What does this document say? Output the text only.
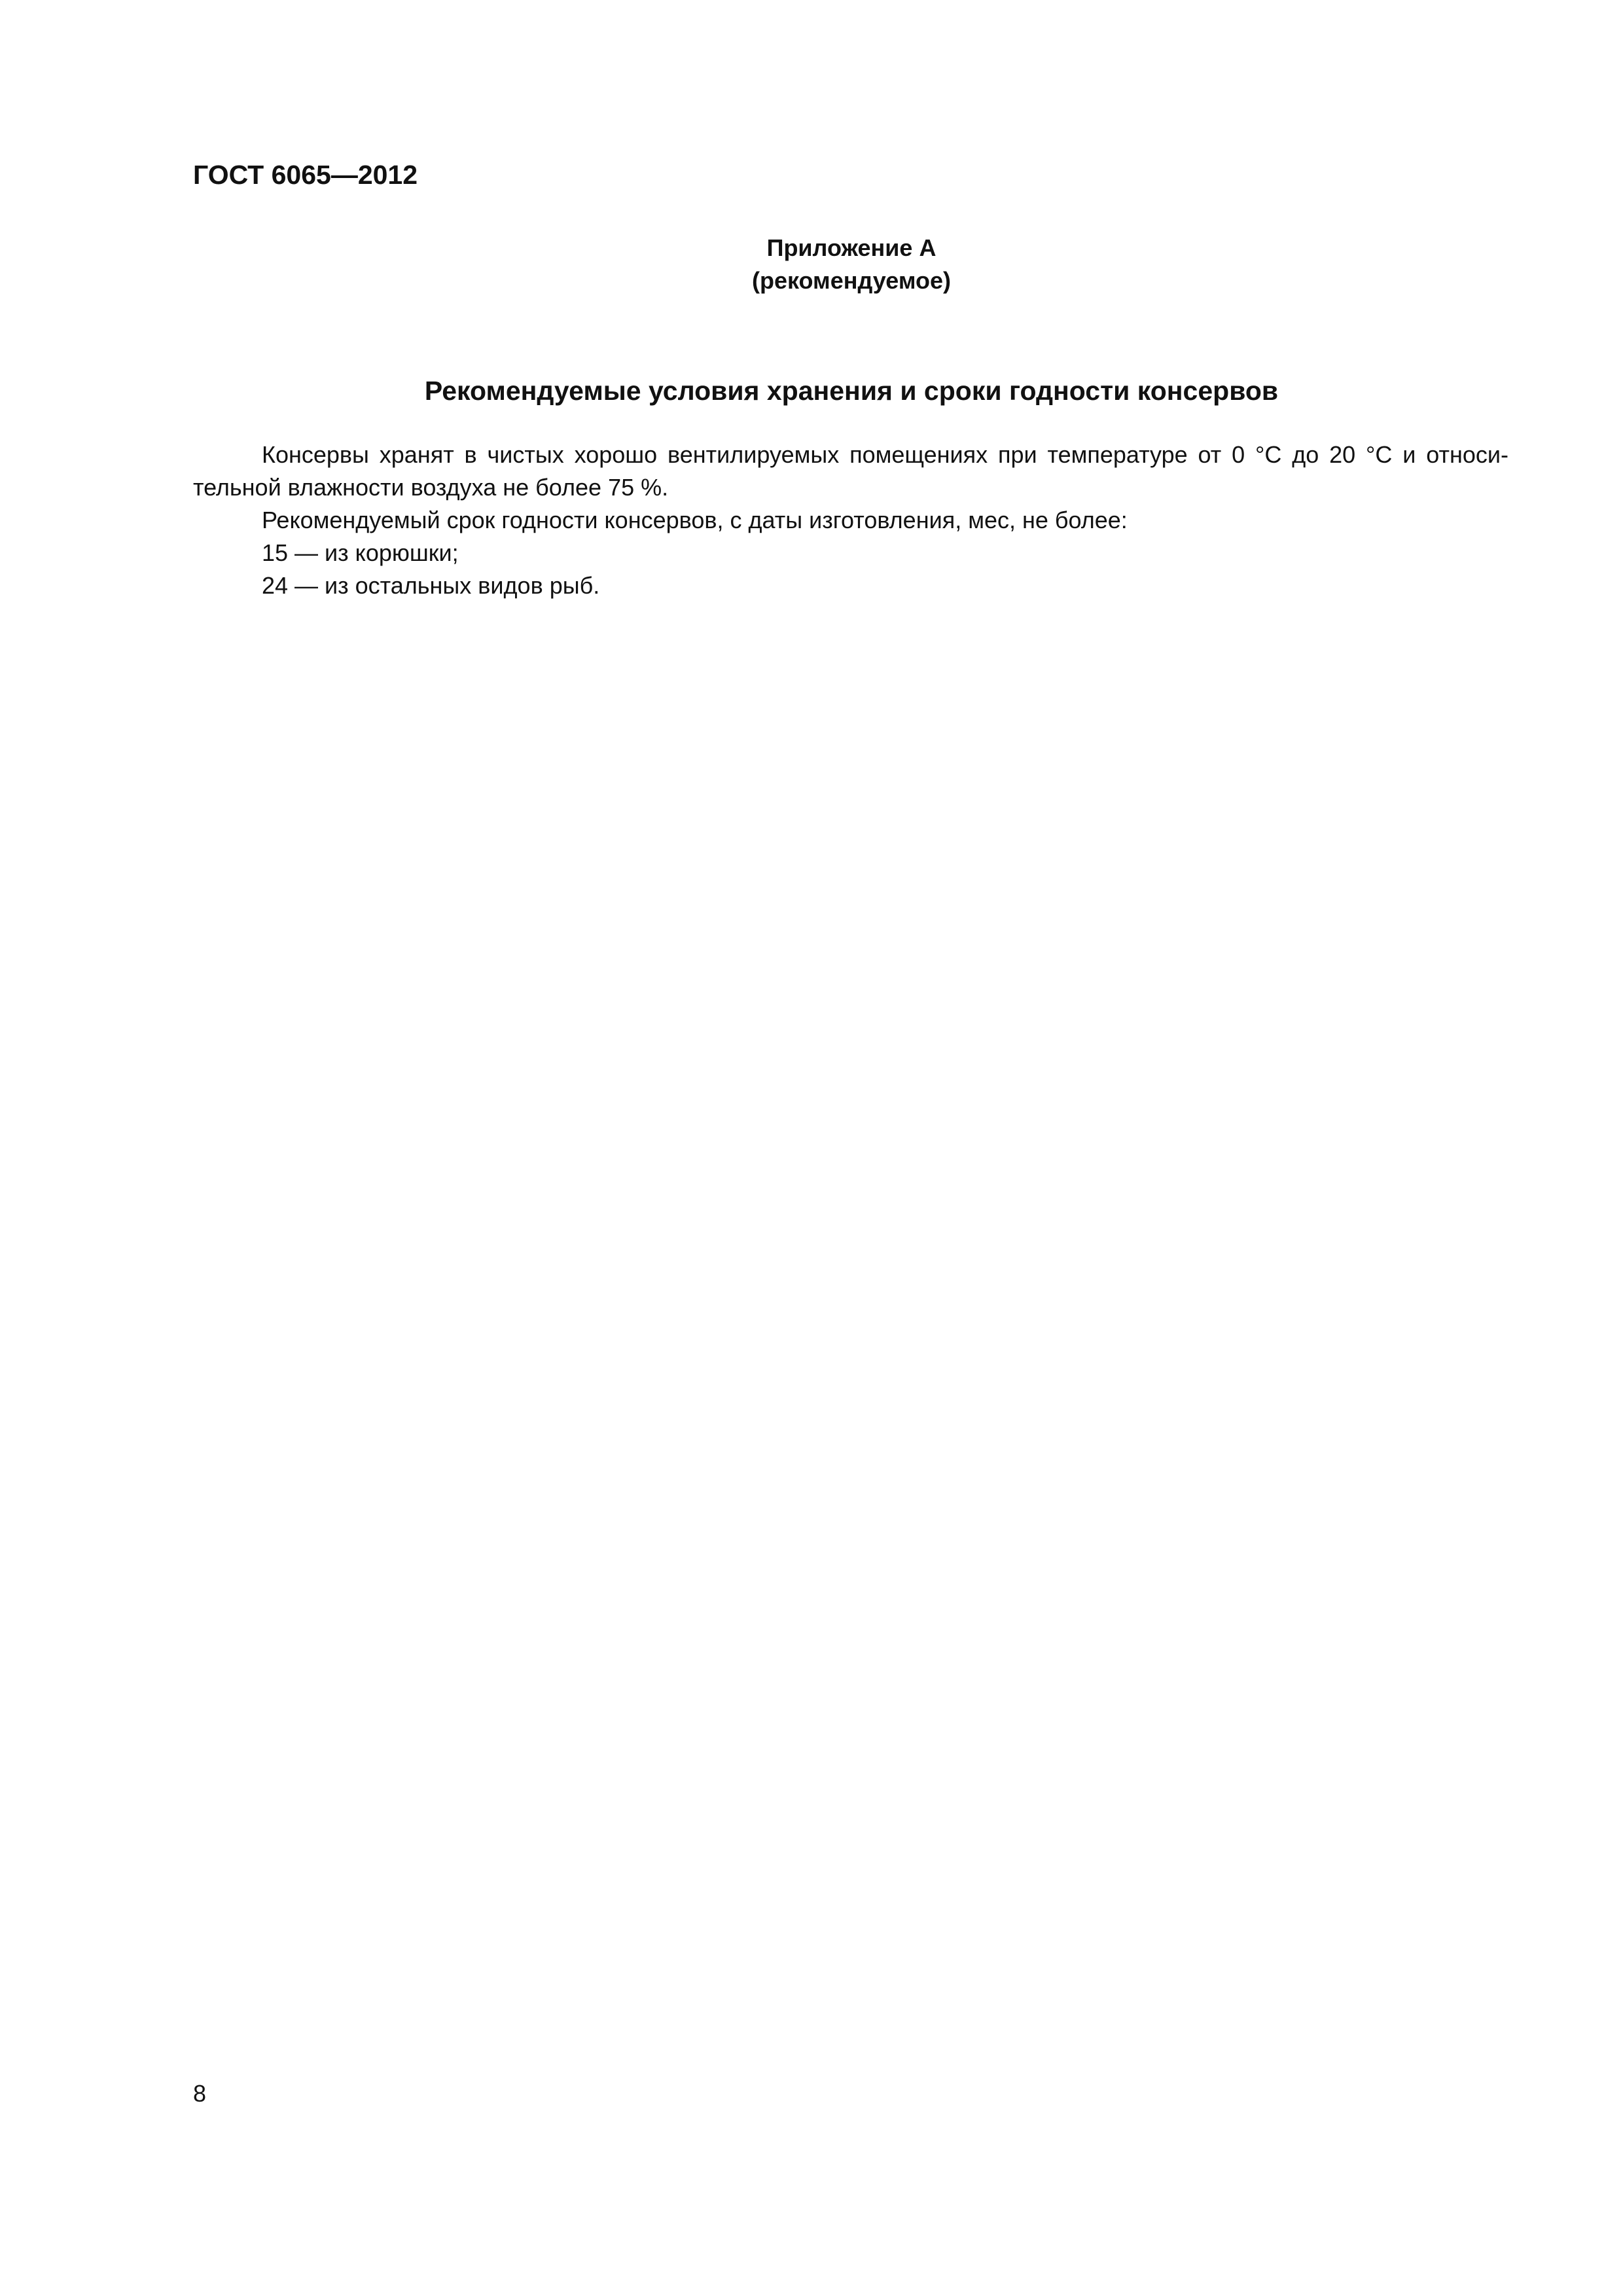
ГОСТ 6065—2012
Приложение А
(рекомендуемое)
Рекомендуемые условия хранения и сроки годности консервов

Консервы хранят в чистых хорошо вентилируемых помещениях при температуре от 0 °С до 20 °С и относительной влажности воздуха не более 75 %.

Рекомендуемый срок годности консервов, с даты изготовления, мес, не более:

15 — из корюшки;

24 — из остальных видов рыб.

8
